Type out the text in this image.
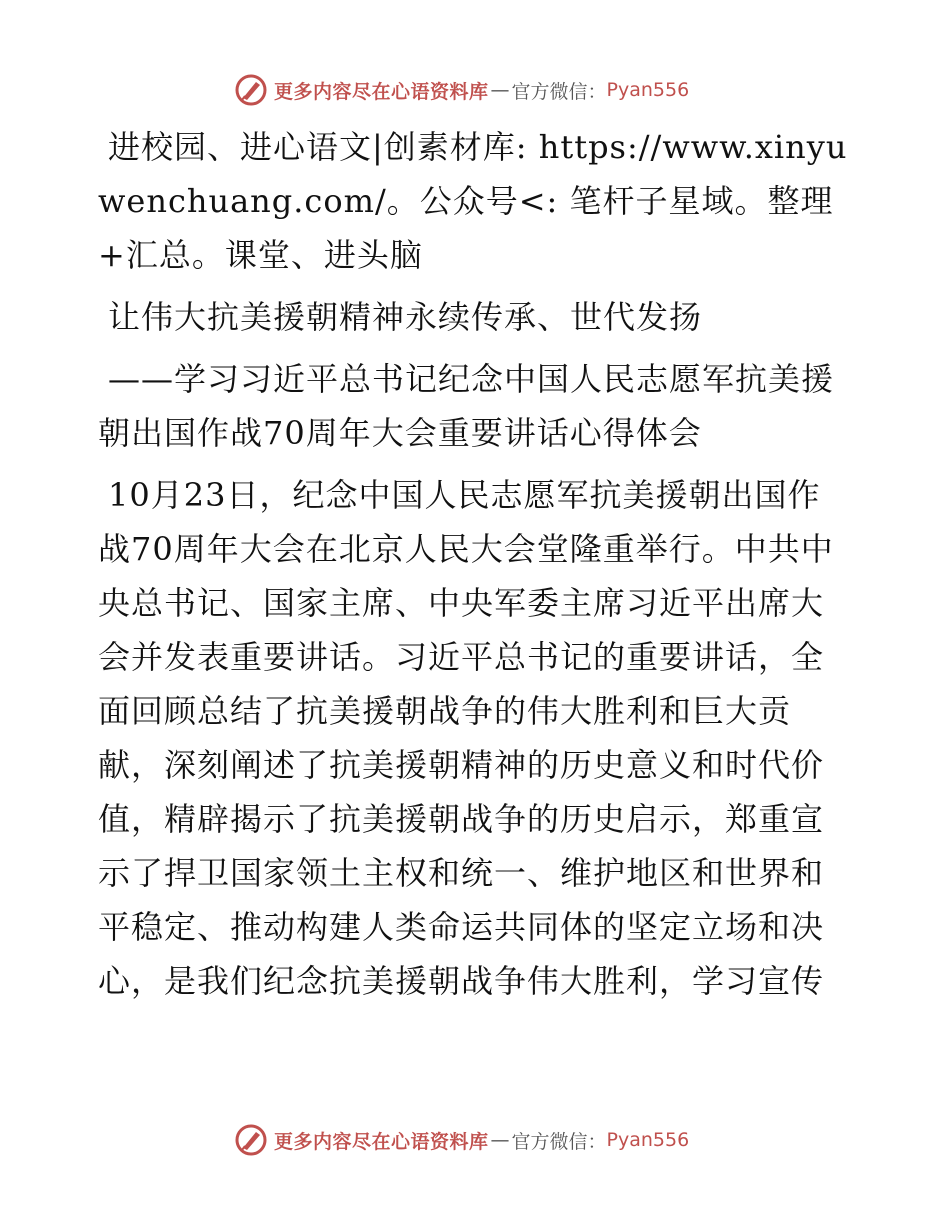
更多内容尽在心语资料库 — 官方微信： Pyan556

进校园、进心语文|创素材库: https://www.xinyuwenchuang.com/。公众号<: 笔杆子星域。整理+汇总。课堂、进头脑

让伟大抗美援朝精神永续传承、世代发扬

——学习习近平总书记纪念中国人民志愿军抗美援朝出国作战70周年大会重要讲话心得体会

10月23日，纪念中国人民志愿军抗美援朝出国作战70周年大会在北京人民大会堂隆重举行。中共中央总书记、国家主席、中央军委主席习近平出席大会并发表重要讲话。习近平总书记的重要讲话，全面回顾总结了抗美援朝战争的伟大胜利和巨大贡献，深刻阐述了抗美援朝精神的历史意义和时代价值，精辟揭示了抗美援朝战争的历史启示，郑重宣示了捍卫国家领土主权和统一、维护地区和世界和平稳定、推动构建人类命运共同体的坚定立场和决心，是我们纪念抗美援朝战争伟大胜利，学习宣传

更多内容尽在心语资料库 — 官方微信： Pyan556
